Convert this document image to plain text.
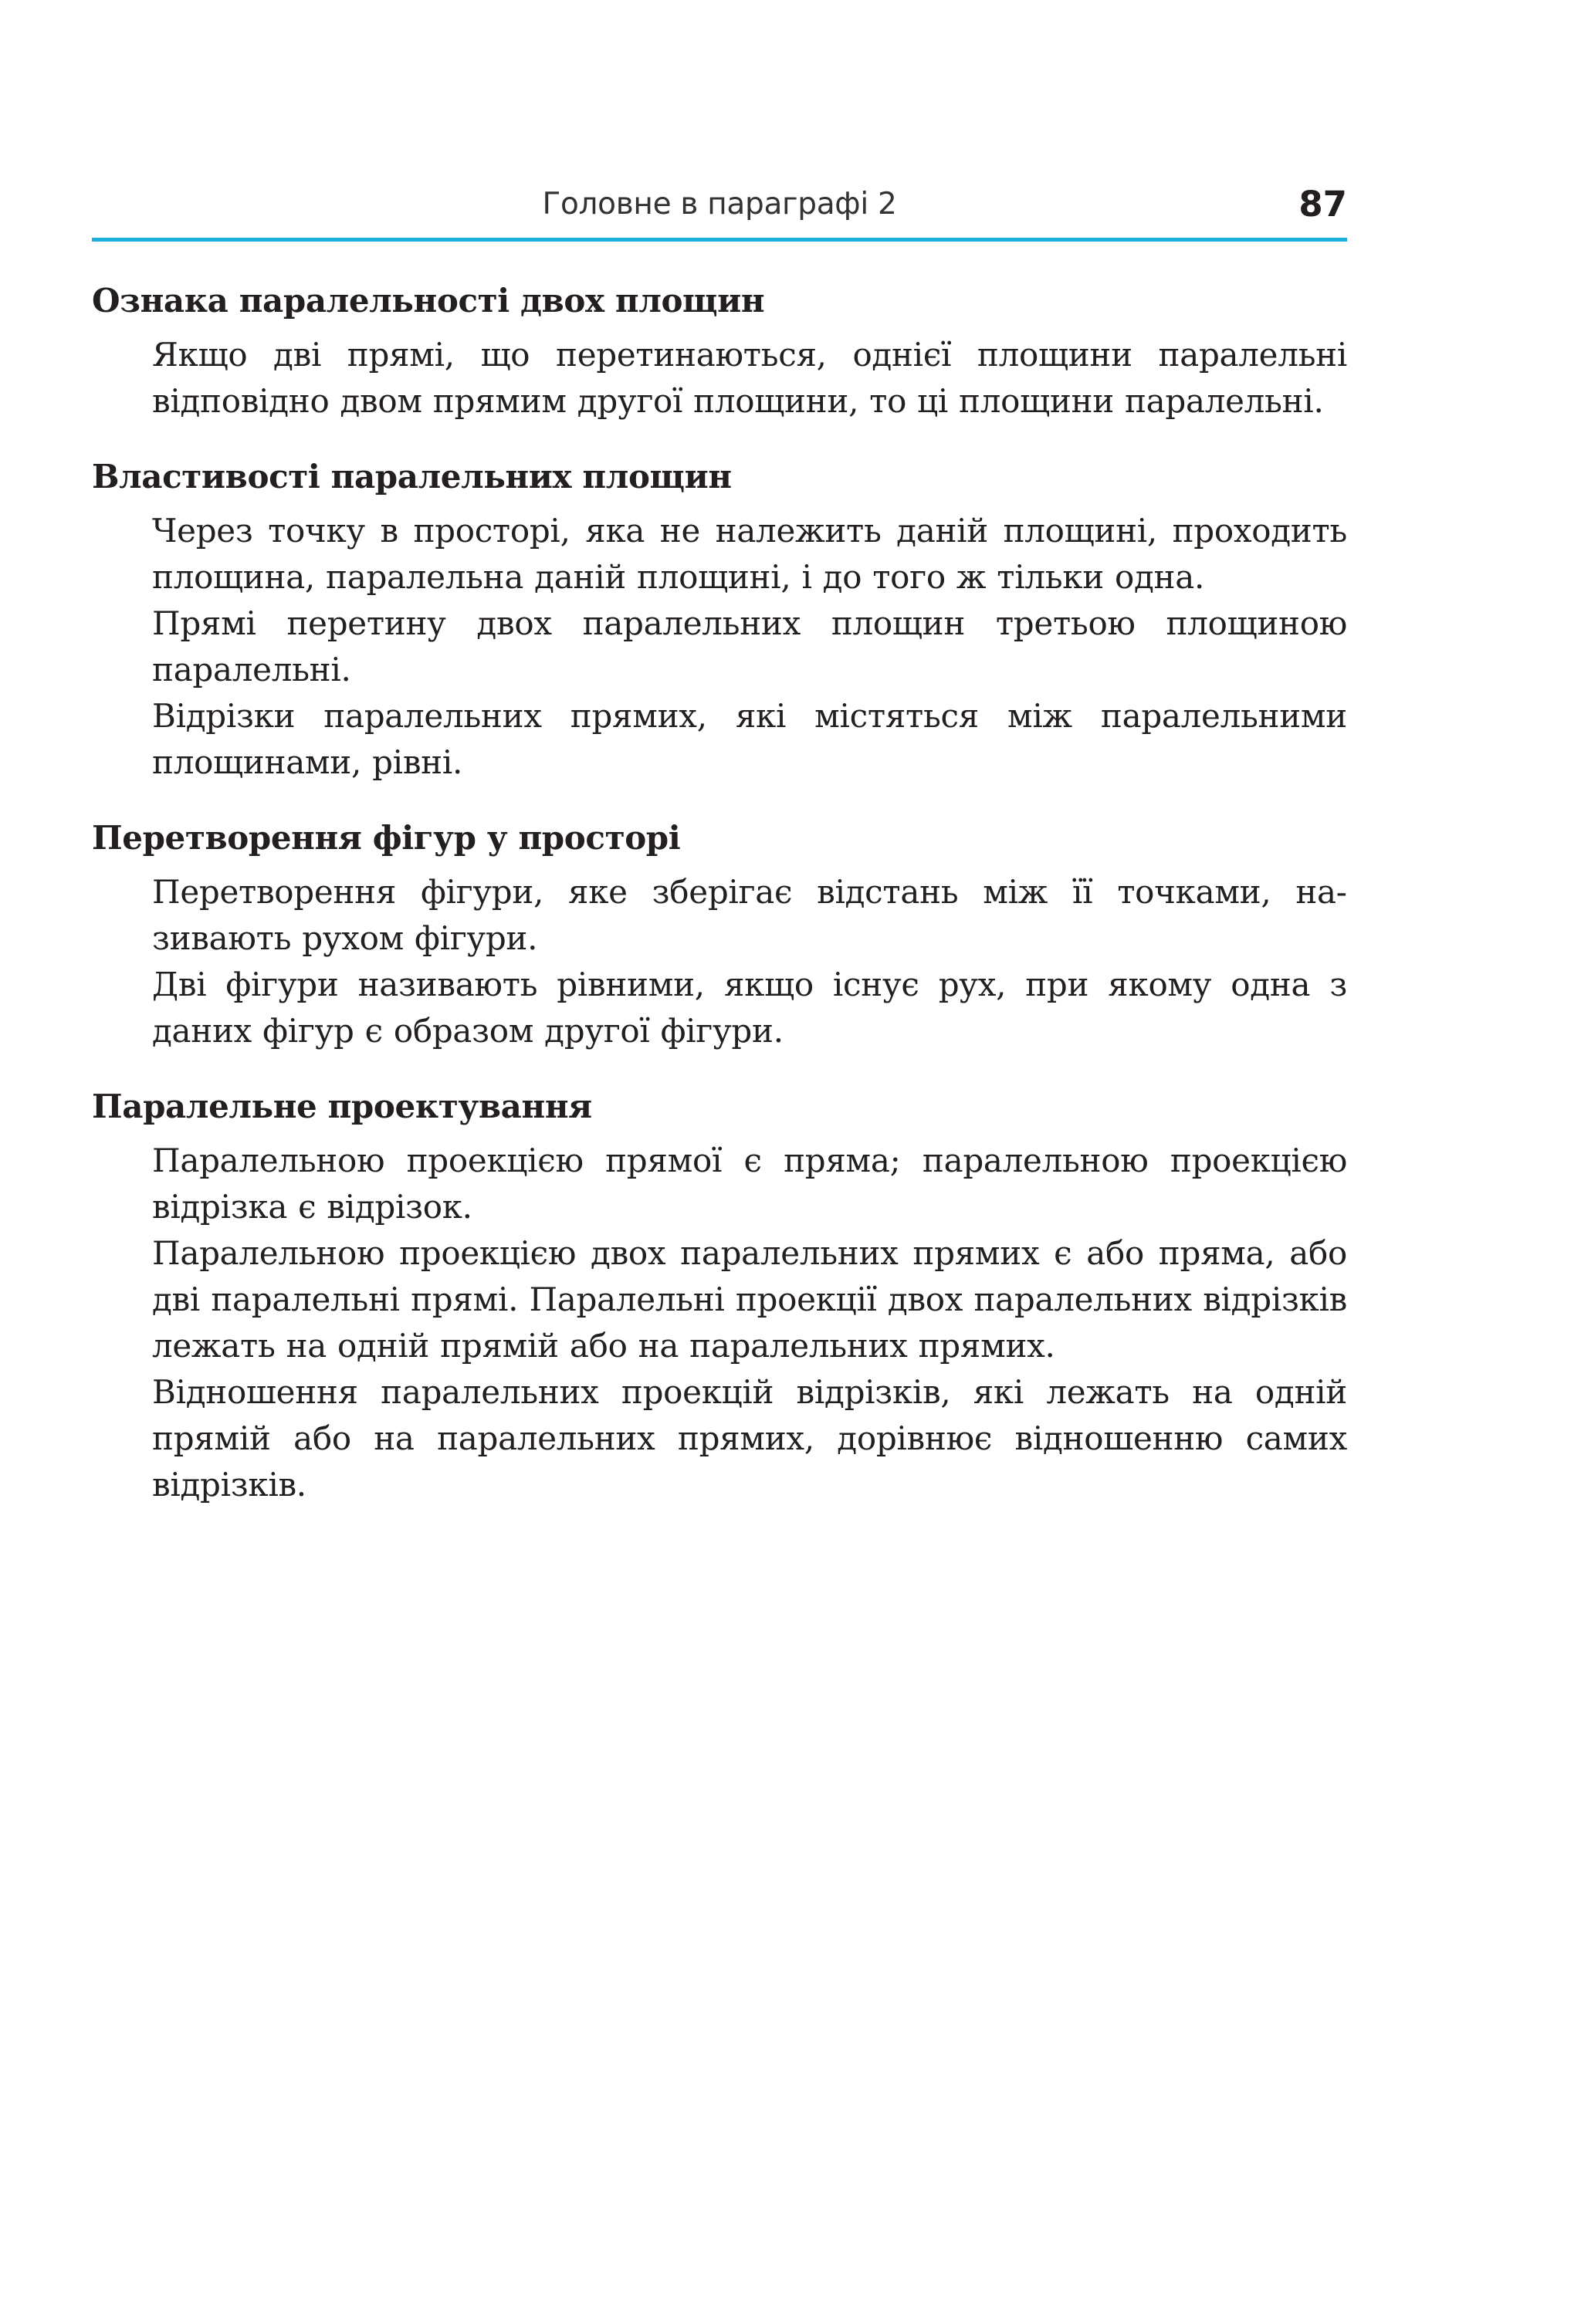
Головне в параграфі 2	87
Ознака паралельності двох площин

Якщо дві прямі, що перетинаються, однієї площини паралельні відповідно двом прямим другої площини, то ці площини паралельні.

Властивості паралельних площин

Через точку в просторі, яка не належить даній площині, проходить площина, паралельна даній площині, і до того ж тільки одна.

Прямі перетину двох паралельних площин третьою площиною паралельні.

Відрізки паралельних прямих, які містяться між паралельними площинами, рівні.

Перетворення фігур у просторі

Перетворення фігури, яке зберігає відстань між її точками, називають рухом фігури.

Дві фігури називають рівними, якщо існує рух, при якому одна з даних фігур є образом другої фігури.

Паралельне проектування

Паралельною проекцією прямої є пряма; паралельною проекцією відрізка є відрізок.

Паралельною проекцією двох паралельних прямих є або пряма, або дві паралельні прямі. Паралельні проекції двох паралельних відрізків лежать на одній прямій або на паралельних прямих.

Відношення паралельних проекцій відрізків, які лежать на одній прямій або на паралельних прямих, дорівнює відношенню самих відрізків.
